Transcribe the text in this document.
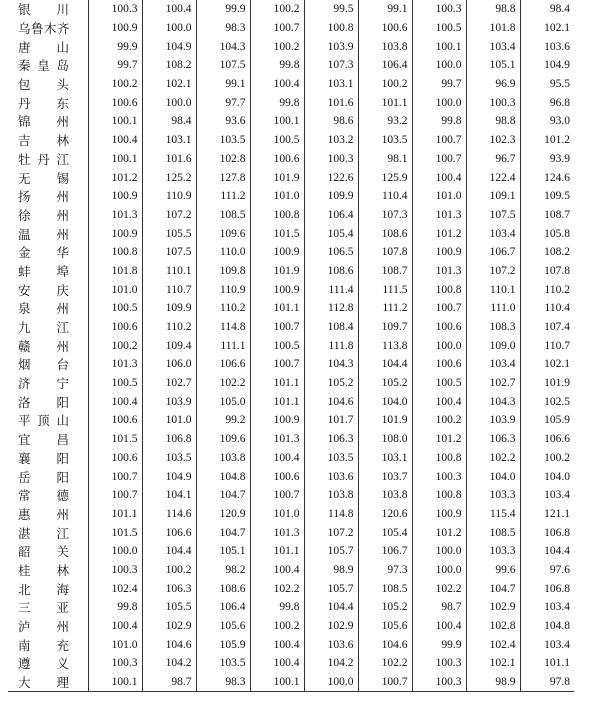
银　川	100.3	100.4	99.9	100.2	99.5	99.1	100.3	98.8	98.4
乌鲁木齐	100.9	100.0	98.3	100.7	100.8	100.6	100.5	101.8	102.1
唐　山	99.9	104.9	104.3	100.2	103.9	103.8	100.1	103.4	103.6
秦皇岛	99.7	108.2	107.5	99.8	107.3	106.4	100.0	105.1	104.9
包　头	100.2	102.1	99.1	100.4	103.1	100.2	99.7	96.9	95.5
丹　东	100.6	100.0	97.7	99.8	101.6	101.1	100.0	100.3	96.8
锦　州	100.1	98.4	93.6	100.1	98.6	93.2	99.8	98.8	93.0
吉　林	100.4	103.1	103.5	100.5	103.2	103.5	100.7	102.3	101.2
牡丹江	100.1	101.6	102.8	100.6	100.3	98.1	100.7	96.7	93.9
无　锡	101.2	125.2	127.8	101.9	122.6	125.9	100.4	122.4	124.6
扬　州	100.9	110.9	111.2	101.0	109.9	110.4	101.0	109.1	109.5
徐　州	101.3	107.2	108.5	100.8	106.4	107.3	101.3	107.5	108.7
温　州	100.9	105.5	109.6	101.5	105.4	108.6	101.2	103.4	105.8
金　华	100.8	107.5	110.0	100.9	106.5	107.8	100.9	106.7	108.2
蚌　埠	101.8	110.1	109.8	101.9	108.6	108.7	101.3	107.2	107.8
安　庆	101.0	110.7	110.9	100.9	111.4	111.5	100.8	110.1	110.2
泉　州	100.5	109.9	110.2	101.1	112.8	111.2	100.7	111.0	110.4
九　江	100.6	110.2	114.8	100.7	108.4	109.7	100.6	108.3	107.4
赣　州	100.2	109.4	111.1	100.5	111.8	113.8	100.0	109.0	110.7
烟　台	101.3	106.0	106.6	100.7	104.3	104.4	100.6	103.4	102.1
济　宁	100.5	102.7	102.2	101.1	105.2	105.2	100.5	102.7	101.9
洛　阳	100.4	103.9	105.0	101.1	104.6	104.0	100.4	104.3	102.5
平顶山	100.6	101.0	99.2	100.9	101.7	101.9	100.2	103.9	105.9
宜　昌	101.5	106.8	109.6	101.3	106.3	108.0	101.2	106.3	106.6
襄　阳	100.6	103.5	103.8	100.4	103.5	103.1	100.8	102.2	100.2
岳　阳	100.7	104.9	104.8	100.6	103.6	103.7	100.3	104.0	104.0
常　德	100.7	104.1	104.7	100.7	103.8	103.8	100.8	103.3	103.4
惠　州	101.1	114.6	120.9	101.0	114.8	120.6	100.9	115.4	121.1
湛　江	101.5	106.6	104.7	101.3	107.2	105.4	101.2	108.5	106.8
韶　关	100.0	104.4	105.1	101.1	105.7	106.7	100.0	103.3	104.4
桂　林	100.3	100.2	98.2	100.4	98.9	97.3	100.0	99.6	97.6
北　海	102.4	106.3	108.6	102.2	105.7	108.5	102.2	104.7	106.8
三　亚	99.8	105.5	106.4	99.8	104.4	105.2	98.7	102.9	103.4
泸　州	100.4	102.9	105.6	100.2	102.9	105.6	100.4	102.8	104.8
南　充	101.0	104.6	105.9	100.4	103.6	104.6	99.9	102.4	103.4
遵　义	100.3	104.2	103.5	100.4	104.2	102.2	100.3	102.1	101.1
大　理	100.1	98.7	98.3	100.1	100.0	100.7	100.3	98.9	97.8
